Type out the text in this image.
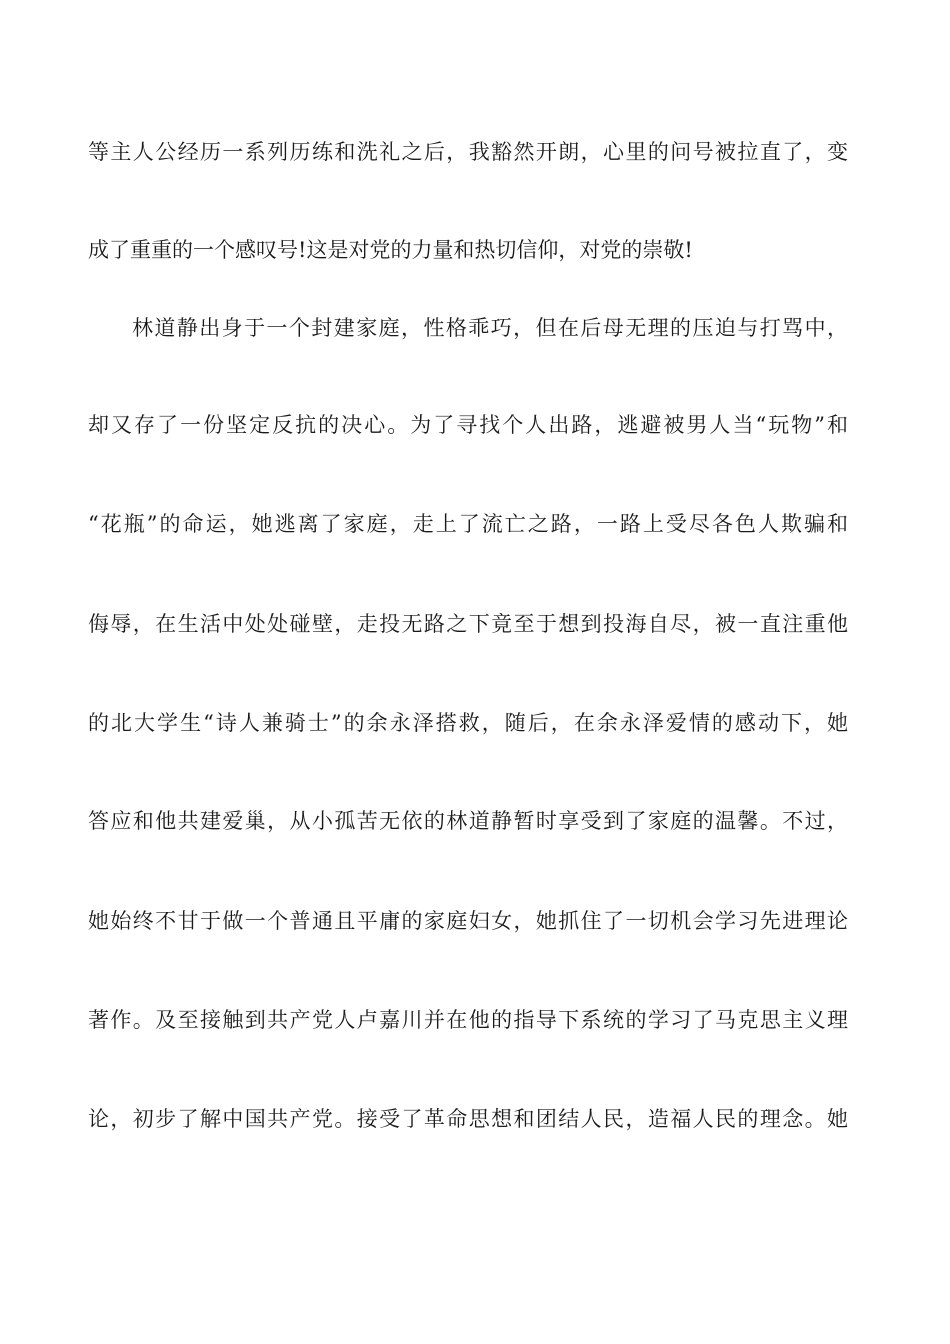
等主人公经历一系列历练和洗礼之后，我豁然开朗，心里的问号被拉直了，变
成了重重的一个感叹号!这是对党的力量和热切信仰，对党的崇敬!
林道静出身于一个封建家庭，性格乖巧，但在后母无理的压迫与打骂中，
却又存了一份坚定反抗的决心。为了寻找个人出路，逃避被男人当“玩物”和
“花瓶”的命运，她逃离了家庭，走上了流亡之路，一路上受尽各色人欺骗和
侮辱，在生活中处处碰壁，走投无路之下竟至于想到投海自尽，被一直注重他
的北大学生“诗人兼骑士”的余永泽搭救，随后，在余永泽爱情的感动下，她
答应和他共建爱巢，从小孤苦无依的林道静暂时享受到了家庭的温馨。不过，
她始终不甘于做一个普通且平庸的家庭妇女，她抓住了一切机会学习先进理论
著作。及至接触到共产党人卢嘉川并在他的指导下系统的学习了马克思主义理
论，初步了解中国共产党。接受了革命思想和团结人民，造福人民的理念。她
